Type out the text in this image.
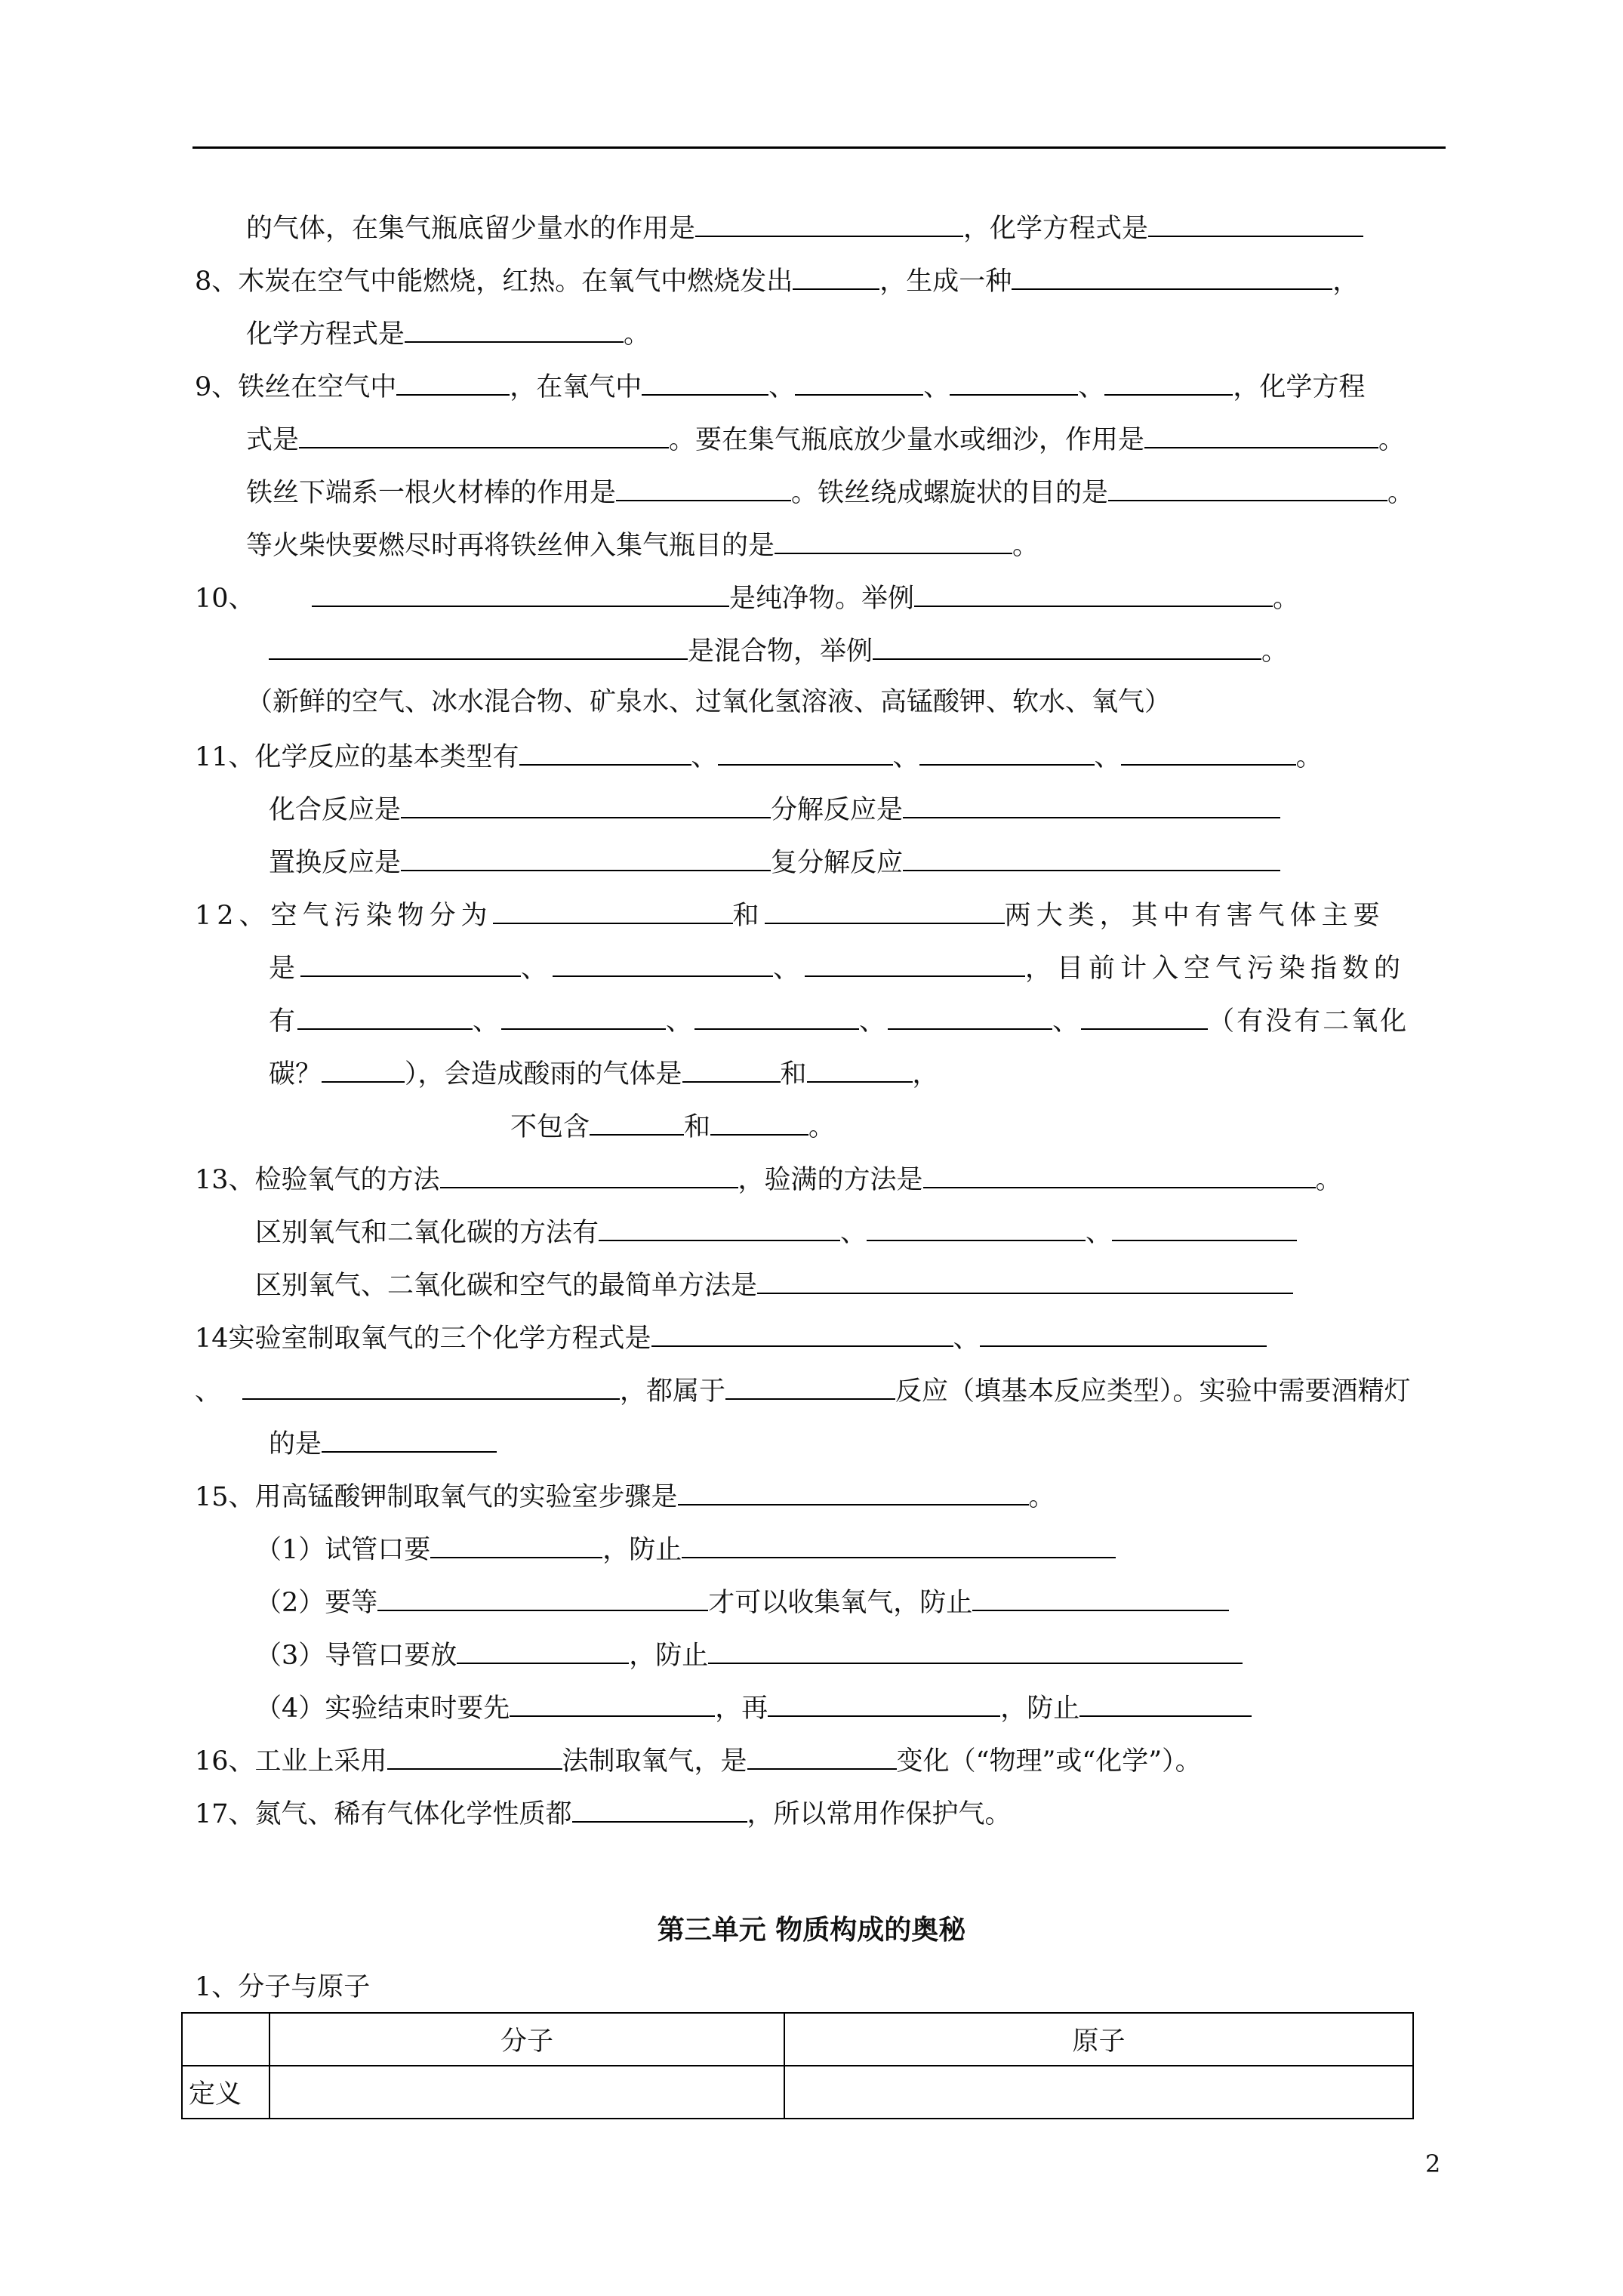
的气体，在集气瓶底留少量水的作用是	，化学方程式是
8、木炭在空气中能燃烧，红热。在氧气中燃烧发出	，生成一种	，
化学方程式是	。
9、铁丝在空气中	，在氧气中	、	、	、	，化学方程
式是	。要在集气瓶底放少量水或细沙，作用是	。
铁丝下端系一根火材棒的作用是	。铁丝绕成螺旋状的目的是	。
等火柴快要燃尽时再将铁丝伸入集气瓶目的是	。
10、	是纯净物。举例	。
是混合物，举例	。
（新鲜的空气、冰水混合物、矿泉水、过氧化氢溶液、高锰酸钾、软水、氧气）
11、化学反应的基本类型有	、	、	、	。
化合反应是	分解反应是
置换反应是	复分解反应
12、空气污染物分为	和	两大类，其中有害气体主要
是	、	、	，目前计入空气污染指数的
有	、	、	、	、	（有没有二氧化
碳？	），会造成酸雨的气体是	和	，
不包含	和	。
13、检验氧气的方法	，验满的方法是	。
区别氧气和二氧化碳的方法有	、	、
区别氧气、二氧化碳和空气的最简单方法是
14实验室制取氧气的三个化学方程式是	、
、	，都属于	反应（填基本反应类型）。实验中需要酒精灯
的是
15、用高锰酸钾制取氧气的实验室步骤是	。
（1）试管口要	，防止
（2）要等	才可以收集氧气，防止
（3）导管口要放	，防止
（4）实验结束时要先	，再	，防止
16、工业上采用	法制取氧气，是	变化（“物理”或“化学”）。
17、氮气、稀有气体化学性质都	，所以常用作保护气。
第三单元 物质构成的奥秘
1、分子与原子
	分子	原子
定义		
2
